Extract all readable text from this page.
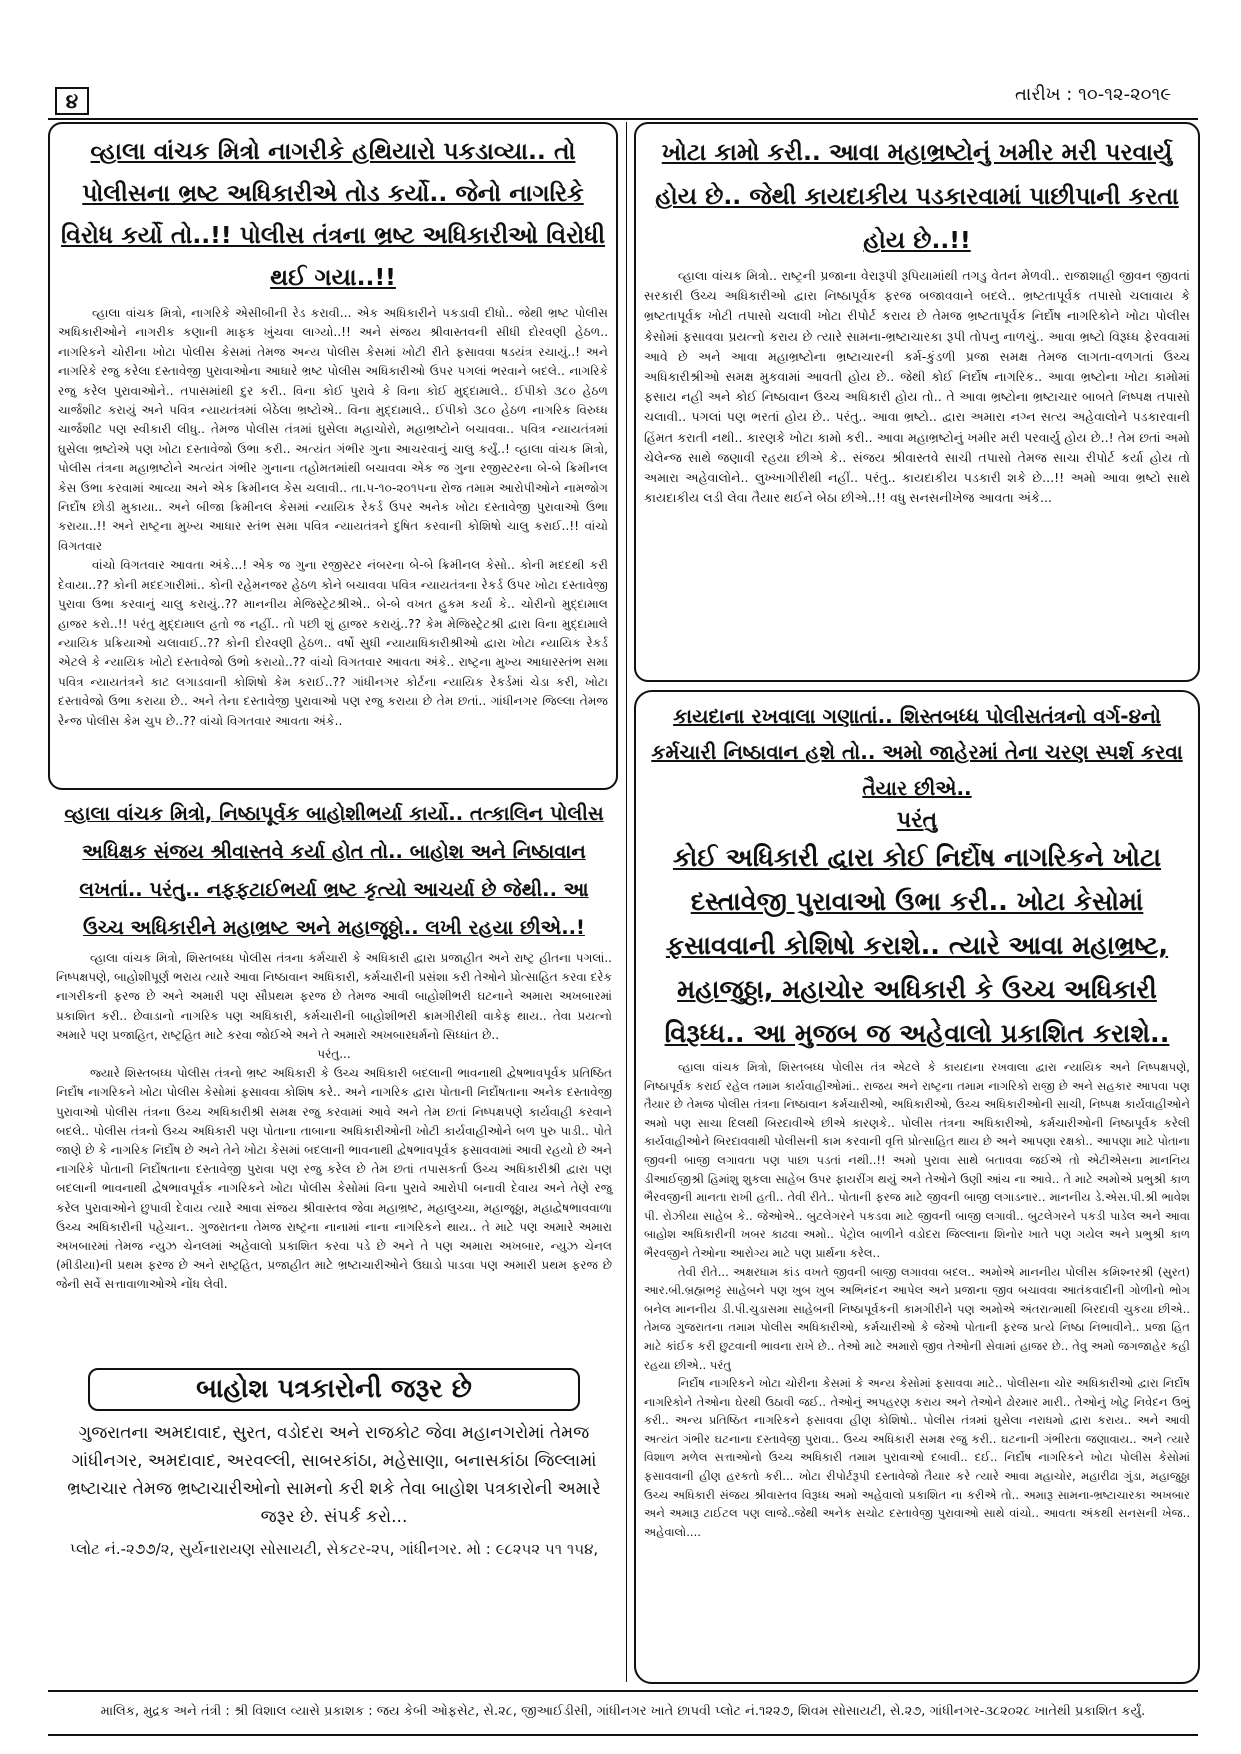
૪	તારીખ : ૧૦-૧૨-૨૦૧૯
વ્હાલા વાંચક મિત્રો નાગરીકે હથિયારો પકડાવ્યા.. તો પોલીસના ભ્રષ્ટ અધિકારીએ તોડ કર્યો.. જેનો નાગરિકે વિરોધ કર્યો તો..!! પોલીસ તંત્રના ભ્રષ્ટ અધિકારીઓ વિરોધી થઈ ગયા..!!

વ્હાલા વાંચક મિત્રો, નાગરિકે એસીબીની રેડ કરાવી... એક અધિકારીને પકડાવી દીધો.. જેથી ભ્રષ્ટ પોલીસ અધિકારીઓને નાગરીક કણાની માફક ખુંચવા લાગ્યો..!! અને સંજય શ્રીવાસ્તવની સીધી દોરવણી હેઠળ.. નાગરિકને ચોરીના ખોટા પોલીસ કેસમાં તેમજ અન્ય પોલીસ કેસમાં ખોટી રીતે ફસાવવા ષડયંત્ર રચાયું..! અને નાગરિકે રજુ કરેલા દસ્તાવેજી પુરાવાઓના આધારે ભ્રષ્ટ પોલીસ અધિકારીઓ ઉપર પગલાં ભરવાને બદલે.. નાગરિકે રજુ કરેલ પુરાવાઓને.. તપાસમાંથી દુર કરી.. વિના કોઈ પુરાવે કે વિના કોઈ મુદ્દામાલે.. ઈપીકો ૩૮૦ હેઠળ ચાર્જશીટ કરાયું અને પવિત્ર ન્યાયતંત્રમાં બેઠેલા ભ્રષ્ટોએ.. વિના મુદ્દામાલે.. ઈપીકો ૩૮૦ હેઠળ નાગરિક વિરુધ્ધ ચાર્જશીટ પણ સ્વીકારી લીધુ.. તેમજ પોલીસ તંત્રમાં ઘુસેલા મહાચોરો, મહાભ્રષ્ટોને બચાવવા.. પવિત્ર ન્યાયતંત્રમાં ઘુસેલા ભ્રષ્ટોએ પણ ખોટા દસ્તાવેજો ઉભા કરી.. અત્યંત ગંભીર ગુના આચરવાનું ચાલુ કર્યું..! વ્હાલા વાંચક મિત્રો, પોલીસ તંત્રના મહાભ્રષ્ટોને અત્યંત ગંભીર ગુનાના તહોમતમાંથી બચાવવા એક જ ગુના રજીસ્ટરના બે-બે ક્રિમીનલ કેસ ઉભા કરવામાં આવ્યા અને એક ક્રિમીનલ કેસ ચલાવી.. તા.૫-૧૦-૨૦૧૫ના રોજ તમામ આરોપીઓને નામજોગ નિર્દોષ છોડી મુકાયા.. અને બીજા ક્રિમીનલ કેસમાં ન્યાયિક રેકર્ડ ઉપર અનેક ખોટા દસ્તાવેજી પુરાવાઓ ઉભા કરાયા..!! અને રાષ્ટ્રના મુખ્ય આધાર સ્તંભ સમા પવિત્ર ન્યાયતંત્રને દુષિત કરવાની કોશિષો ચાલુ કરાઈ..!! વાંચો વિગતવાર

વાંચો વિગતવાર આવતા અંકે...! એક જ ગુના રજીસ્ટર નંબરના બે-બે ક્રિમીનલ કેસો.. કોની મદદથી કરી દેવાયા..?? કોની મદદગારીમાં.. કોની રહેમનજર હેઠળ કોને બચાવવા પવિત્ર ન્યાયતંત્રના રેકર્ડ ઉપર ખોટા દસ્તાવેજી પુરાવા ઉભા કરવાનું ચાલુ કરાયું..?? માનનીય મેજિસ્ટ્રેટશ્રીએ.. બે-બે વખત હુકમ કર્યા કે.. ચોરીનો મુદ્દામાલ હાજર કરો..!! પરંતુ મુદ્દામાલ હતો જ નહીં.. તો પછી શું હાજર કરાયું..?? કેમ મેજિસ્ટ્રેટશ્રી દ્વારા વિના મુદ્દામાલે ન્યાયિક પ્રક્રિયાઓ ચલાવાઈ..?? કોની દોરવણી હેઠળ.. વર્ષો સુધી ન્યાયાધિકારીશ્રીઓ દ્વારા ખોટા ન્યાયિક રેકર્ડ એટલે કે ન્યાયિક ખોટો દસ્તાવેજો ઉભો કરાયો..?? વાંચો વિગતવાર આવતા અંકે.. રાષ્ટ્રના મુખ્ય આધારસ્તંભ સમા પવિત્ર ન્યાયતંત્રને કાટ લગાડવાની કોશિષો કેમ કરાઈ..?? ગાંધીનગર કોર્ટના ન્યાયિક રેકર્ડમાં ચેડા કરી, ખોટા દસ્તાવેજો ઉભા કરાયા છે.. અને તેના દસ્તાવેજી પુરાવાઓ પણ રજુ કરાયા છે તેમ છતાં.. ગાંધીનગર જિલ્લા તેમજ રેન્જ પોલીસ કેમ ચુપ છે..?? વાંચો વિગતવાર આવતા અંકે..

વ્હાલા વાંચક મિત્રો, નિષ્ઠાપૂર્વક બાહોશીભર્યા કાર્યો.. તત્કાલિન પોલીસ અધિક્ષક સંજય શ્રીવાસ્તવે કર્યા હોત તો.. બાહોશ અને નિષ્ઠાવાન લખતાં.. પરંતુ.. નફફટાઈભર્યા ભ્રષ્ટ કૃત્યો આચર્યા છે જેથી.. આ ઉચ્ચ અધિકારીને મહાભ્રષ્ટ અને મહાજૂઠ્ઠો.. લખી રહયા છીએ..!

વ્હાલા વાંચક મિત્રો, શિસ્તબધ્ધ પોલીસ તંત્રના કર્મચારી કે અધિકારી દ્વારા પ્રજાહીત અને રાષ્ટ્ર હીતના પગલાં.. નિષ્પક્ષપણે, બાહોશીપૂર્ણ ભરાય ત્યારે આવા નિષ્ઠાવાન અધિકારી, કર્મચારીની પ્રસંશા કરી તેઓને પ્રોત્સાહિત કરવા દરેક નાગરીકની ફરજ છે અને અમારી પણ સૌપ્રથમ ફરજ છે તેમજ આવી બાહોશીભરી ઘટનાને અમારા અખબારમાં પ્રકાશિત કરી.. છેવાડાનો નાગરિક પણ અધિકારી, કર્મચારીની બાહોશીભરી ક્રામગીરીથી વાકેફ થાય.. તેવા પ્રયત્નો અમારે પણ પ્રજાહિત, રાષ્ટ્રહિત માટે કરવા જોઈએ અને તે અમારો અખબારધર્મનો સિધ્ધાંત છે..

પરંતુ...

જ્યારે શિસ્તબધ્ધ પોલીસ તંત્રનો ભ્રષ્ટ અધિકારી કે ઉચ્ચ અધિકારી બદલાની ભાવનાથી દ્વેષભાવપૂર્વક પ્રતિષ્ઠિત નિર્દોષ નાગરિકને ખોટા પોલીસ કેસોમાં ફસાવવા કોશિષ કરે.. અને નાગરિક દ્વારા પોતાની નિર્દોષતાના અનેક દસ્તાવેજી પુરાવાઓ પોલીસ તંત્રના ઉચ્ચ અધિકારીશ્રી સમક્ષ રજુ કરવામાં આવે અને તેમ છતાં નિષ્પક્ષપણે કાર્યવાહી કરવાને બદલે.. પોલીસ તંત્રનો ઉચ્ચ અધિકારી પણ પોતાના તાબાના અધિકારીઓની ખોટી કાર્યવાહીઓને બળ પુરુ પાડી.. પોતે જાણે છે કે નાગરિક નિર્દોષ છે અને તેને ખોટા કેસમાં બદલાની ભાવનાથી દ્વેષભાવપૂર્વક ફસાવવામાં આવી રહયો છે અને નાગરિકે પોતાની નિર્દોષતાના દસ્તાવેજી પુરાવા પણ રજુ કરેલ છે તેમ છતાં તપાસકર્તા ઉચ્ચ અધિકારીશ્રી દ્વારા પણ બદલાની ભાવનાથી દ્વેષભાવપૂર્વક નાગરિકને ખોટા પોલીસ કેસોમાં વિના પુરાવે આરોપી બનાવી દેવાય અને તેણે રજુ કરેલ પુરાવાઓને છુપાવી દેવાય ત્યારે આવા સંજય શ્રીવાસ્તવ જેવા મહાભ્રષ્ટ, મહાલુચ્ચા, મહાજૂઠ્ઠા, મહાદ્વેષભાવવાળા ઉચ્ચ અધિકારીની પહેચાન.. ગુજરાતના તેમજ રાષ્ટ્રના નાનામાં નાના નાગરિકને થાય.. તે માટે પણ અમારે અમારા અખબારમાં તેમજ ન્યુઝ ચેનલમાં અહેવાલો પ્રકાશિત કરવા પડે છે અને તે પણ અમારા અખબાર, ન્યુઝ ચેનલ (મીડીયા)ની પ્રથમ ફરજ છે અને રાષ્ટ્રહિત, પ્રજાહીત માટે ભ્રષ્ટાચારીઓને ઉઘાડો પાડવા પણ અમારી પ્રથમ ફરજ છે જેની સર્વે સત્તાવાળાઓએ નોંધ લેવી.

બાહોશ પત્રકારોની જરૂર છે
ગુજરાતના અમદાવાદ, સુરત, વડોદરા અને રાજકોટ જેવા મહાનગરોમાં તેમજ ગાંધીનગર, અમદાવાદ, અરવલ્લી, સાબરકાંઠા, મહેસાણા, બનાસકાંઠા જિલ્લામાં ભ્રષ્ટાચાર તેમજ ભ્રષ્ટાચારીઓનો સામનો કરી શકે તેવા બાહોશ પત્રકારોની અમારે જરૂર છે. સંપર્ક કરો...
પ્લોટ નં.-૨૭૭/૨, સુર્યનારાયણ સોસાયટી, સેકટર-૨૫, ગાંધીનગર. મો : ૯૮૨૫૨ ૫૧ ૧૫૪,
ખોટા કામો કરી.. આવા મહાભ્રષ્ટોનું ખમીર મરી પરવાર્યુ હોય છે.. જેથી કાયદાકીય પડકારવામાં પાછીપાની કરતા હોય છે..!!

વ્હાલા વાંચક મિત્રો.. રાષ્ટ્રની પ્રજાના વેરારૂપી રૂપિયામાંથી તગડુ વેતન મેળવી.. રાજાશાહી જીવન જીવતાં સરકારી ઉચ્ચ અધિકારીઓ દ્વારા નિષ્ઠાપૂર્વક ફરજ બજાવવાને બદલે.. ભ્રષ્ટતાપૂર્વક તપાસો ચલાવાય કે ભ્રષ્ટતાપૂર્વક ખોટી તપાસો ચલાવી ખોટા રીપોર્ટ કરાય છે તેમજ ભ્રષ્ટતાપૂર્વક નિર્દોષ નાગરિકોને ખોટા પોલીસ કેસોમાં ફસાવવા પ્રયત્નો કરાય છે ત્યારે સામના-ભ્રષ્ટાચારકા રૂપી તોપનુ નાળચું.. આવા ભ્રષ્ટો વિરૂધ્ધ ફેરવવામાં આવે છે અને આવા મહાભ્રષ્ટોના ભ્રષ્ટાચારની કર્મ-કુંડળી પ્રજા સમક્ષ તેમજ લાગતા-વળગતાં ઉચ્ચ અધિકારીશ્રીઓ સમક્ષ મુકવામાં આવતી હોય છે.. જેથી કોઈ નિર્દોષ નાગરિક.. આવા ભ્રષ્ટોના ખોટા કામોમાં ફસાય નહી અને કોઈ નિષ્ઠાવાન ઉચ્ચ અધિકારી હોય તો.. તે આવા ભ્રષ્ટોના ભ્રષ્ટાચાર બાબતે નિષ્પક્ષ તપાસો ચલાવી.. પગલાં પણ ભરતાં હોય છે.. પરંતુ.. આવા ભ્રષ્ટો.. દ્વારા અમારા નગ્ન સત્ય અહેવાલોને પડકારવાની હિંમત કરાતી નથી.. કારણકે ખોટા કામો કરી.. આવા મહાભ્રષ્ટોનું ખમીર મરી પરવાર્યુ હોય છે..! તેમ છતાં અમો ચેલેન્જ સાથે જણાવી રહયા છીએ કે.. સંજય શ્રીવાસ્તવે સાચી તપાસો તેમજ સાચા રીપોર્ટ કર્યા હોય તો અમારા અહેવાલોને.. લુખ્ખાગીરીથી નહીં.. પરંતુ.. કાયદાકીય પડકારી શકે છે...!! અમો આવા ભ્રષ્ટો સાથે કાયદાકીય લડી લેવા તૈયાર થઈને બેઠા છીએ..!! વધુ સનસનીખેજ આવતા અંકે...

કાયદાના રખવાલા ગણાતાં.. શિસ્તબધ્ધ પોલીસતંત્રનો વર્ગ-૪નો કર્મચારી નિષ્ઠાવાન હશે તો.. અમો જાહેરમાં તેના ચરણ સ્પર્શ કરવા તૈયાર છીએ..
પરંતુ
કોઈ અધિકારી દ્વારા કોઈ નિર્દોષ નાગરિકને ખોટા દસ્તાવેજી પુરાવાઓ ઉભા કરી.. ખોટા કેસોમાં ફસાવવાની કોશિષો કરાશે.. ત્યારે આવા મહાભ્રષ્ટ, મહાજુઠ્ઠા, મહાચોર અધિકારી કે ઉચ્ચ અધિકારી વિરૂધ્ધ.. આ મુજબ જ અહેવાલો પ્રકાશિત કરાશે..

વ્હાલા વાંચક મિત્રો, શિસ્તબધ્ધ પોલીસ તંત્ર એટલે કે કાયદાના રખવાલા દ્વારા ન્યાયિક અને નિષ્પક્ષપણે, નિષ્ઠાપૂર્વક કરાઈ રહેલ તમામ કાર્યવાહીઓમાં.. રાજય અને રાષ્ટ્રના તમામ નાગરિકો રાજી છે અને સહકાર આપવા પણ તૈયાર છે તેમજ પોલીસ તંત્રના નિષ્ઠાવાન કર્મચારીઓ, અધિકારીઓ, ઉચ્ચ અધિકારીઓની સાચી, નિષ્પક્ષ કાર્યવાહીઓને અમો પણ સાચા દિલથી બિરદાવીએ છીએ કારણકે.. પોલીસ તંત્રના અધિકારીઓ, કર્મચારીઓની નિષ્ઠાપૂર્વક કરેલી કાર્યવાહીઓને બિરદાવવાથી પોલીસની કામ કરવાની વૃત્તિ પ્રોત્સાહિત થાય છે અને આપણા રક્ષકો.. આપણા માટે પોતાના જીવની બાજી લગાવતા પણ પાછા પડતાં નથી..!! અમો પુરાવા સાથે બતાવવા જઈએ તો એટીએસના માનનિય ડીઆઈજીશ્રી હિમાંશુ શુકલા સાહેબ ઉપર ફાયરીંગ થયું અને તેઓને ઉણી આંચ ના આવે.. તે માટે અમોએ પ્રભુશ્રી કાળ ભૈરવજીની માનતા રાખી હતી.. તેવી રીતે.. પોતાની ફરજ માટે જીવની બાજી લગાડનાર.. માનનીય ડે.એસ.પી.શ્રી ભાવેશ પી. રોઝીયા સાહેબ કે.. જેઓએ.. બુટલેગરને પકડવા માટે જીવની બાજી લગાવી.. બુટલેગરને પકડી પાડેલ અને આવા બાહોશ અધિકારીની ખબર કાઢવા અમો.. પેટ્રોલ બાળીને વડોદરા જિલ્લાના શિનોર ખાતે પણ ગયેલ અને પ્રભુશ્રી કાળ ભૈરવજીને તેઓના આરોગ્ય માટે પણ પ્રાર્થના કરેલ..

તેવી રીતે... અક્ષરધામ કાંડ વખતે જીવની બાજી લગાવવા બદલ.. અમોએ માનનીય પોલીસ કમિશ્નરશ્રી (સુરત) આર.બી.બ્રહ્મભટ્ટ સાહેબને પણ ખુબ ખુબ અભિનંદન આપેલ અને પ્રજાના જીવ બચાવવા આતંકવાદીની ગોળીનો ભોગ બનેલ માનનીય ડી.પી.ચુડાસમા સાહેબની નિષ્ઠાપૂર્વકની કામગીરીને પણ અમોએ અંતરાત્માથી બિરદાવી ચુકયા છીએ.. તેમજ ગુજરાતના તમામ પોલીસ અધિકારીઓ, કર્મચારીઓ કે જેઓ પોતાની ફરજ પ્રત્યે નિષ્ઠા નિભાવીને.. પ્રજા હિત માટે કાંઈક કરી છુટવાની ભાવના રાખે છે.. તેઓ માટે અમારો જીવ તેઓની સેવામાં હાજર છે.. તેવુ અમો જગજાહેર કહી રહયા છીએ.. પરંતુ

નિર્દોષ નાગરિકને ખોટા ચોરીના કેસમાં કે અન્ય કેસોમાં ફસાવવા માટે.. પોલીસના ચોર અધિકારીઓ દ્વારા નિર્દોષ નાગરિકોને તેઓના ઘેરથી ઉઠાવી જઈ.. તેઓનું અપહરણ કરાય અને તેઓને ઢોરમાર મારી.. તેઓનું ખોટુ નિવેદન ઉભું કરી.. અન્ય પ્રતિષ્ઠિત નાગરિકને ફસાવવા હીણ કોશિષો.. પોલીસ તંત્રમાં ઘુસેલા નરાધમો દ્વારા કરાય.. અને આવી અત્યંત ગંભીર ઘટનાના દસ્તાવેજી પુરાવા.. ઉચ્ચ અધિકારી સમક્ષ રજુ કરી.. ઘટનાની ગંભીરતા જણાવાય.. અને ત્યારે વિશાળ મળેલ સત્તાઓનો ઉચ્ચ અધિકારી તમામ પુરાવાઓ દબાવી.. દઈ.. નિર્દોષ નાગરિકને ખોટા પોલીસ કેસોમાં ફસાવવાની હીણ હરકતો કરી... ખોટા રીપોર્ટરૂપી દસ્તાવેજો તૈયાર કરે ત્યારે આવા મહાચોર, મહારીઢા ગુંડા, મહાજુઠ્ઠા ઉચ્ચ અધિકારી સંજય શ્રીવાસ્તવ વિરૂધ્ધ અમો અહેવાલો પ્રકાશિત ના કરીએ તો.. અમારૂ સામના-ભ્રષ્ટાચારકા અખબાર અને અમારૂ ટાઈટલ પણ લાજે..જેથી અનેક સચોટ દસ્તાવેજી પુરાવાઓ સાથે વાંચો.. આવતા અંકથી સનસની ખેજ.. અહેવાલો....

માલિક, મુદ્રક અને તંત્રી : શ્રી વિશાલ વ્યાસે પ્રકાશક : જય કેબી ઓફસેટ, સે.૨૮, જીઆઈડીસી, ગાંધીનગર ખાતે છાપવી પ્લોટ નં.૧૨૨૭, શિવમ સોસાયટી, સે.૨૭, ગાંધીનગર-૩૮૨૦૨૮ ખાતેથી પ્રકાશિત કર્યું.
